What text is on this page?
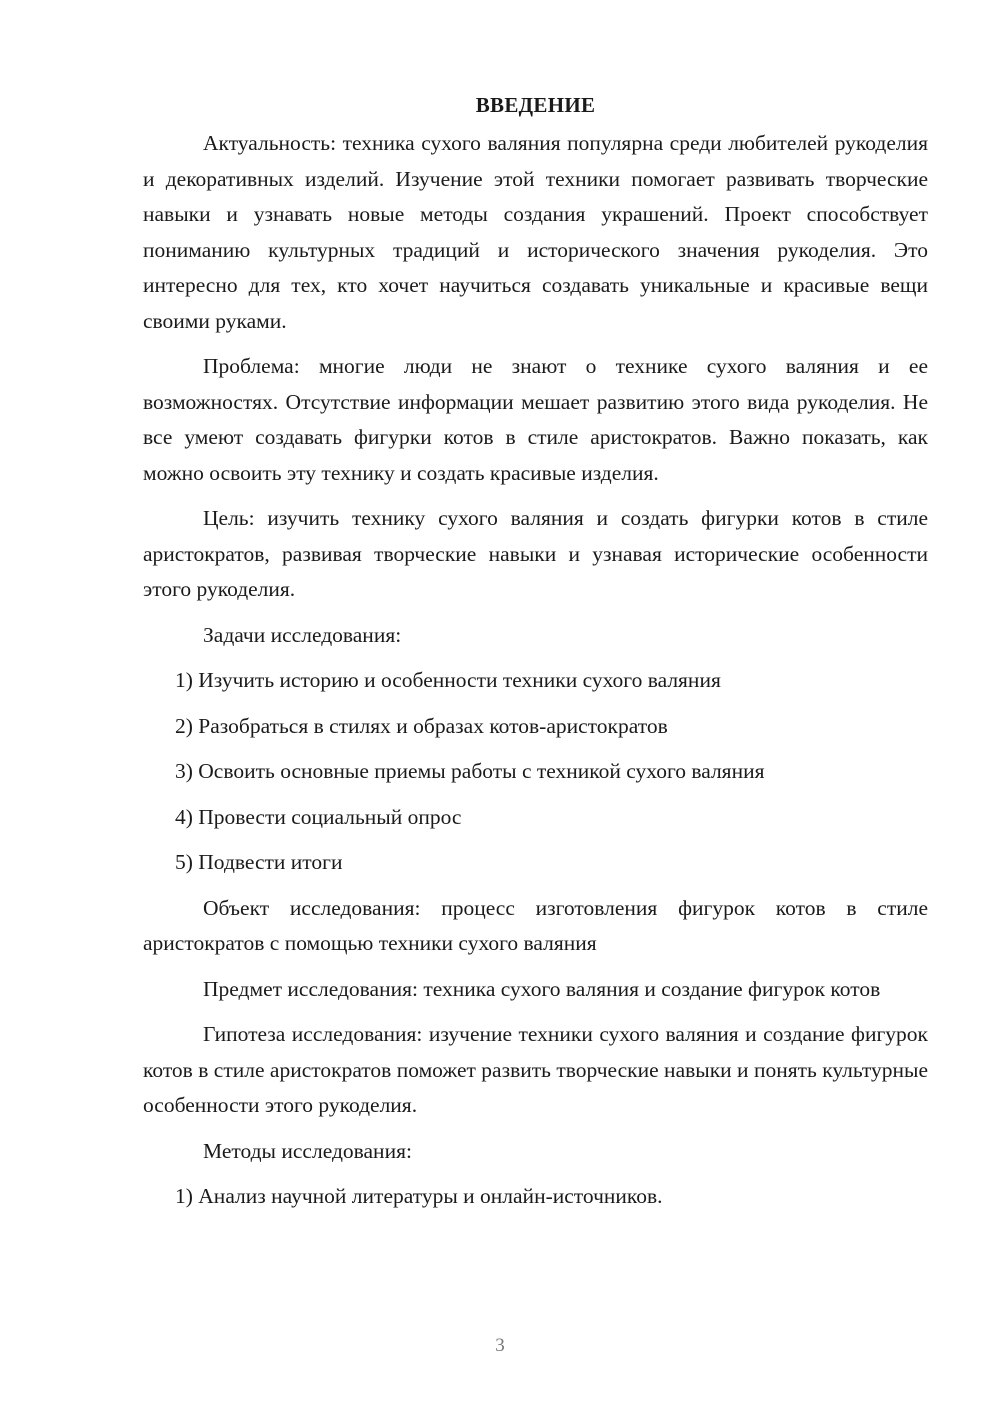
ВВЕДЕНИЕ

Актуальность: техника сухого валяния популярна среди любителей рукоделия и декоративных изделий. Изучение этой техники помогает развивать творческие навыки и узнавать новые методы создания украшений. Проект способствует пониманию культурных традиций и исторического значения рукоделия. Это интересно для тех, кто хочет научиться создавать уникальные и красивые вещи своими руками.

Проблема: многие люди не знают о технике сухого валяния и ее возможностях. Отсутствие информации мешает развитию этого вида рукоделия. Не все умеют создавать фигурки котов в стиле аристократов. Важно показать, как можно освоить эту технику и создать красивые изделия.

Цель: изучить технику сухого валяния и создать фигурки котов в стиле аристократов, развивая творческие навыки и узнавая исторические особенности этого рукоделия.

Задачи исследования:

1) Изучить историю и особенности техники сухого валяния
2) Разобраться в стилях и образах котов-аристократов
3) Освоить основные приемы работы с техникой сухого валяния
4) Провести социальный опрос
5) Подвести итоги

Объект исследования: процесс изготовления фигурок котов в стиле аристократов с помощью техники сухого валяния

Предмет исследования: техника сухого валяния и создание фигурок котов

Гипотеза исследования: изучение техники сухого валяния и создание фигурок котов в стиле аристократов поможет развить творческие навыки и понять культурные особенности этого рукоделия.

Методы исследования:

1) Анализ научной литературы и онлайн-источников.

3
